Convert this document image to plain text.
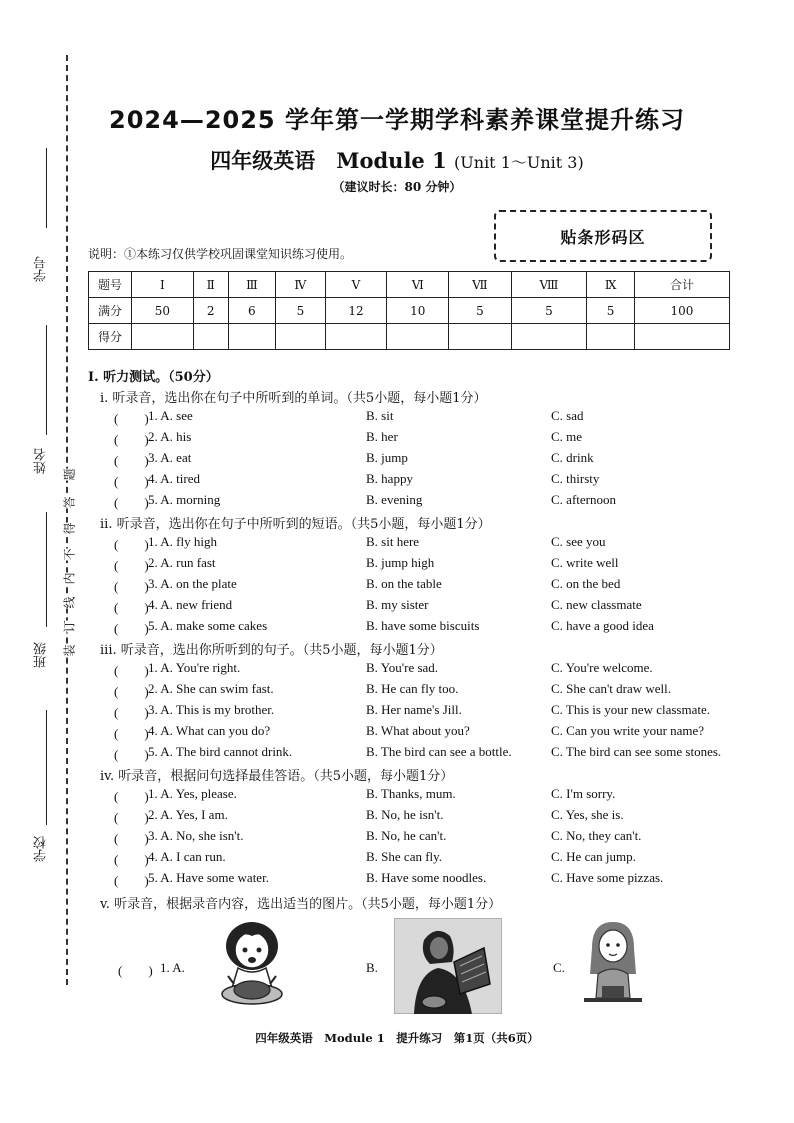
学号
姓名
班级
学校
装
订
线
内
不
得
答
题
2024—2025 学年第一学期学科素养课堂提升练习
四年级英语　Module 1 (Unit 1～Unit 3)
（建议时长：80 分钟）
贴条形码区
说明：①本练习仅供学校巩固课堂知识练习使用。
题号	Ⅰ	Ⅱ	Ⅲ	Ⅳ	Ⅴ	Ⅵ	Ⅶ	Ⅷ	Ⅸ	合计
满分	50	2	6	5	12	10	5	5	5	100
得分										
Ⅰ. 听力测试。（50分）
i. 听录音，选出你在句子中所听到的单词。（共5小题，每小题1分）
(　　) 1. A. see	B. sit	C. sad
(　　) 2. A. his	B. her	C. me
(　　) 3. A. eat	B. jump	C. drink
(　　) 4. A. tired	B. happy	C. thirsty
(　　) 5. A. morning	B. evening	C. afternoon
ii. 听录音，选出你在句子中所听到的短语。（共5小题，每小题1分）
(　　) 1. A. fly high	B. sit here	C. see you
(　　) 2. A. run fast	B. jump high	C. write well
(　　) 3. A. on the plate	B. on the table	C. on the bed
(　　) 4. A. new friend	B. my sister	C. new classmate
(　　) 5. A. make some cakes	B. have some biscuits	C. have a good idea
iii. 听录音，选出你所听到的句子。（共5小题，每小题1分）
(　　) 1. A. You're right.	B. You're sad.	C. You're welcome.
(　　) 2. A. She can swim fast.	B. He can fly too.	C. She can't draw well.
(　　) 3. A. This is my brother.	B. Her name's Jill.	C. This is your new classmate.
(　　) 4. A. What can you do?	B. What about you?	C. Can you write your name?
(　　) 5. A. The bird cannot drink.	B. The bird can see a bottle.	C. The bird can see some stones.
iv. 听录音，根据问句选择最佳答语。（共5小题，每小题1分）
(　　) 1. A. Yes, please.	B. Thanks, mum.	C. I'm sorry.
(　　) 2. A. Yes, I am.	B. No, he isn't.	C. Yes, she is.
(　　) 3. A. No, she isn't.	B. No, he can't.	C. No, they can't.
(　　) 4. A. I can run.	B. She can fly.	C. He can jump.
(　　) 5. A. Have some water.	B. Have some noodles.	C. Have some pizzas.
v. 听录音，根据录音内容，选出适当的图片。（共5小题，每小题1分）
(　　) 1. A.	B.	C.
四年级英语　Module 1　提升练习　第1页（共6页）
